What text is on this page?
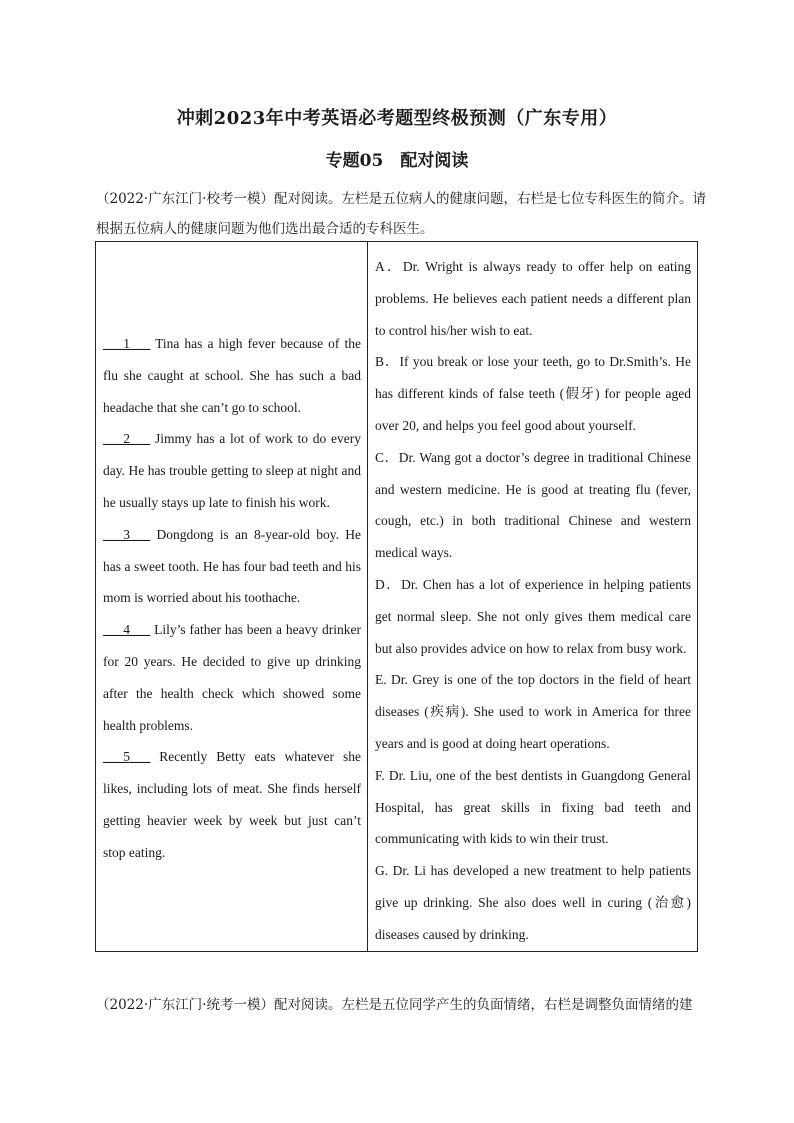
冲刺2023年中考英语必考题型终极预测（广东专用）
专题05　配对阅读
（2022·广东江门·校考一模）配对阅读。左栏是五位病人的健康问题，右栏是七位专科医生的简介。请根据五位病人的健康问题为他们选出最合适的专科医生。

___1___ Tina has a high fever because of the flu she caught at school. She has such a bad headache that she can’t go to school.

___2___ Jimmy has a lot of work to do every day. He has trouble getting to sleep at night and he usually stays up late to finish his work.

___3___ Dongdong is an 8-year-old boy. He has a sweet tooth. He has four bad teeth and his mom is worried about his toothache.

___4___ Lily’s father has been a heavy drinker for 20 years. He decided to give up drinking after the health check which showed some health problems.

___5___ Recently Betty eats whatever she likes, including lots of meat. She finds herself getting heavier week by week but just can’t stop eating.

A．Dr. Wright is always ready to offer help on eating problems. He believes each patient needs a different plan to control his/her wish to eat.

B．If you break or lose your teeth, go to Dr.Smith’s. He has different kinds of false teeth (假牙) for people aged over 20, and helps you feel good about yourself.

C．Dr. Wang got a doctor’s degree in traditional Chinese and western medicine. He is good at treating flu (fever, cough, etc.) in both traditional Chinese and western medical ways.

D．Dr. Chen has a lot of experience in helping patients get normal sleep. She not only gives them medical care but also provides advice on how to relax from busy work.

E. Dr. Grey is one of the top doctors in the field of heart diseases (疾病). She used to work in America for three years and is good at doing heart operations.

F. Dr. Liu, one of the best dentists in Guangdong General Hospital, has great skills in fixing bad teeth and communicating with kids to win their trust.

G. Dr. Li has developed a new treatment to help patients give up drinking. She also does well in curing (治愈) diseases caused by drinking.

（2022·广东江门·统考一模）配对阅读。左栏是五位同学产生的负面情绪，右栏是调整负面情绪的建
